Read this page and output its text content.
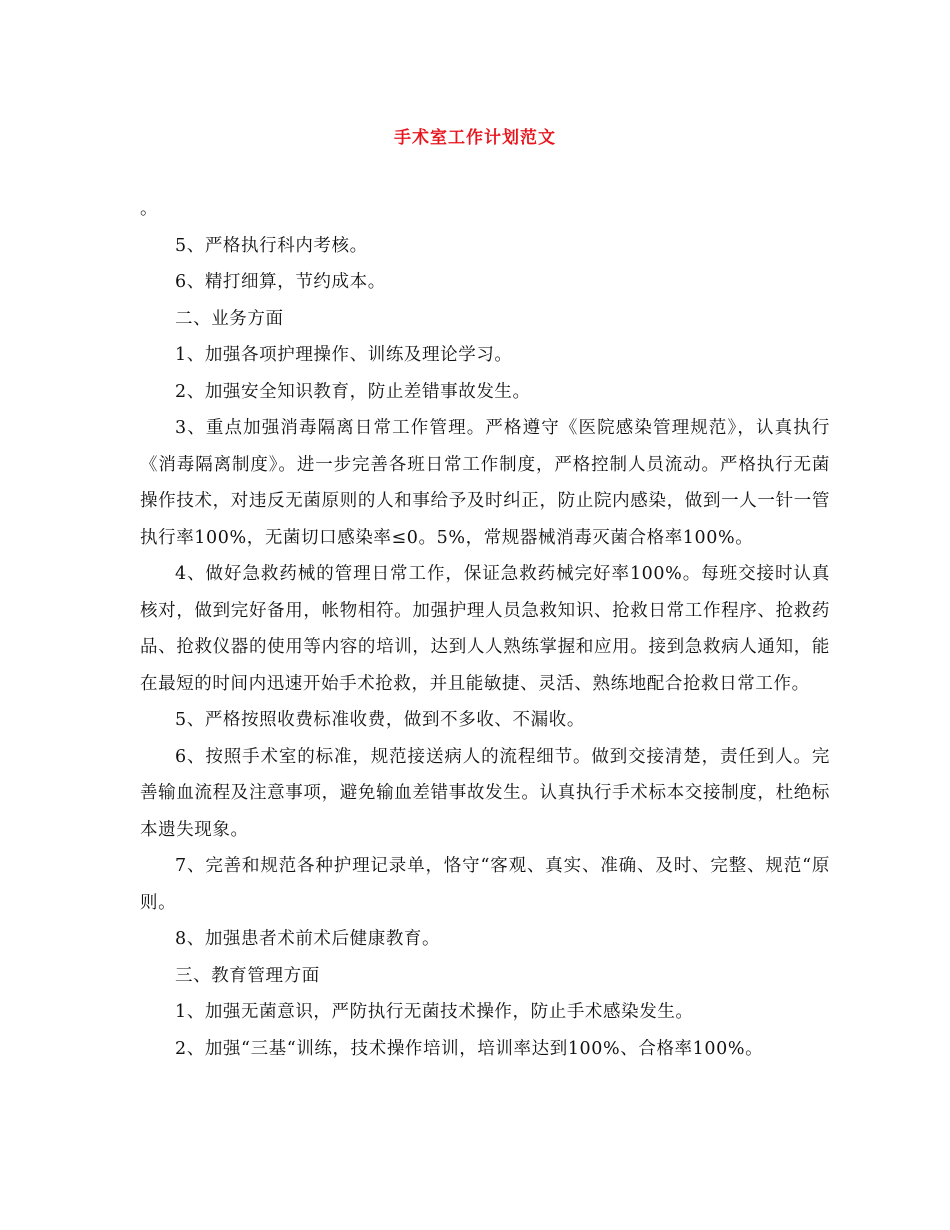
手术室工作计划范文

。

5、严格执行科内考核。

6、精打细算，节约成本。

二、业务方面

1、加强各项护理操作、训练及理论学习。

2、加强安全知识教育，防止差错事故发生。

3、重点加强消毒隔离日常工作管理。严格遵守《医院感染管理规范》，认真执行《消毒隔离制度》。进一步完善各班日常工作制度，严格控制人员流动。严格执行无菌操作技术，对违反无菌原则的人和事给予及时纠正，防止院内感染，做到一人一针一管执行率100%，无菌切口感染率≤0。5%，常规器械消毒灭菌合格率100%。

4、做好急救药械的管理日常工作，保证急救药械完好率100%。每班交接时认真核对，做到完好备用，帐物相符。加强护理人员急救知识、抢救日常工作程序、抢救药品、抢救仪器的使用等内容的培训，达到人人熟练掌握和应用。接到急救病人通知，能在最短的时间内迅速开始手术抢救，并且能敏捷、灵活、熟练地配合抢救日常工作。

5、严格按照收费标准收费，做到不多收、不漏收。

6、按照手术室的标准，规范接送病人的流程细节。做到交接清楚，责任到人。完善输血流程及注意事项，避免输血差错事故发生。认真执行手术标本交接制度，杜绝标本遗失现象。

7、完善和规范各种护理记录单，恪守“客观、真实、准确、及时、完整、规范“原则。

8、加强患者术前术后健康教育。

三、教育管理方面

1、加强无菌意识，严防执行无菌技术操作，防止手术感染发生。

2、加强“三基“训练，技术操作培训，培训率达到100%、合格率100%。
